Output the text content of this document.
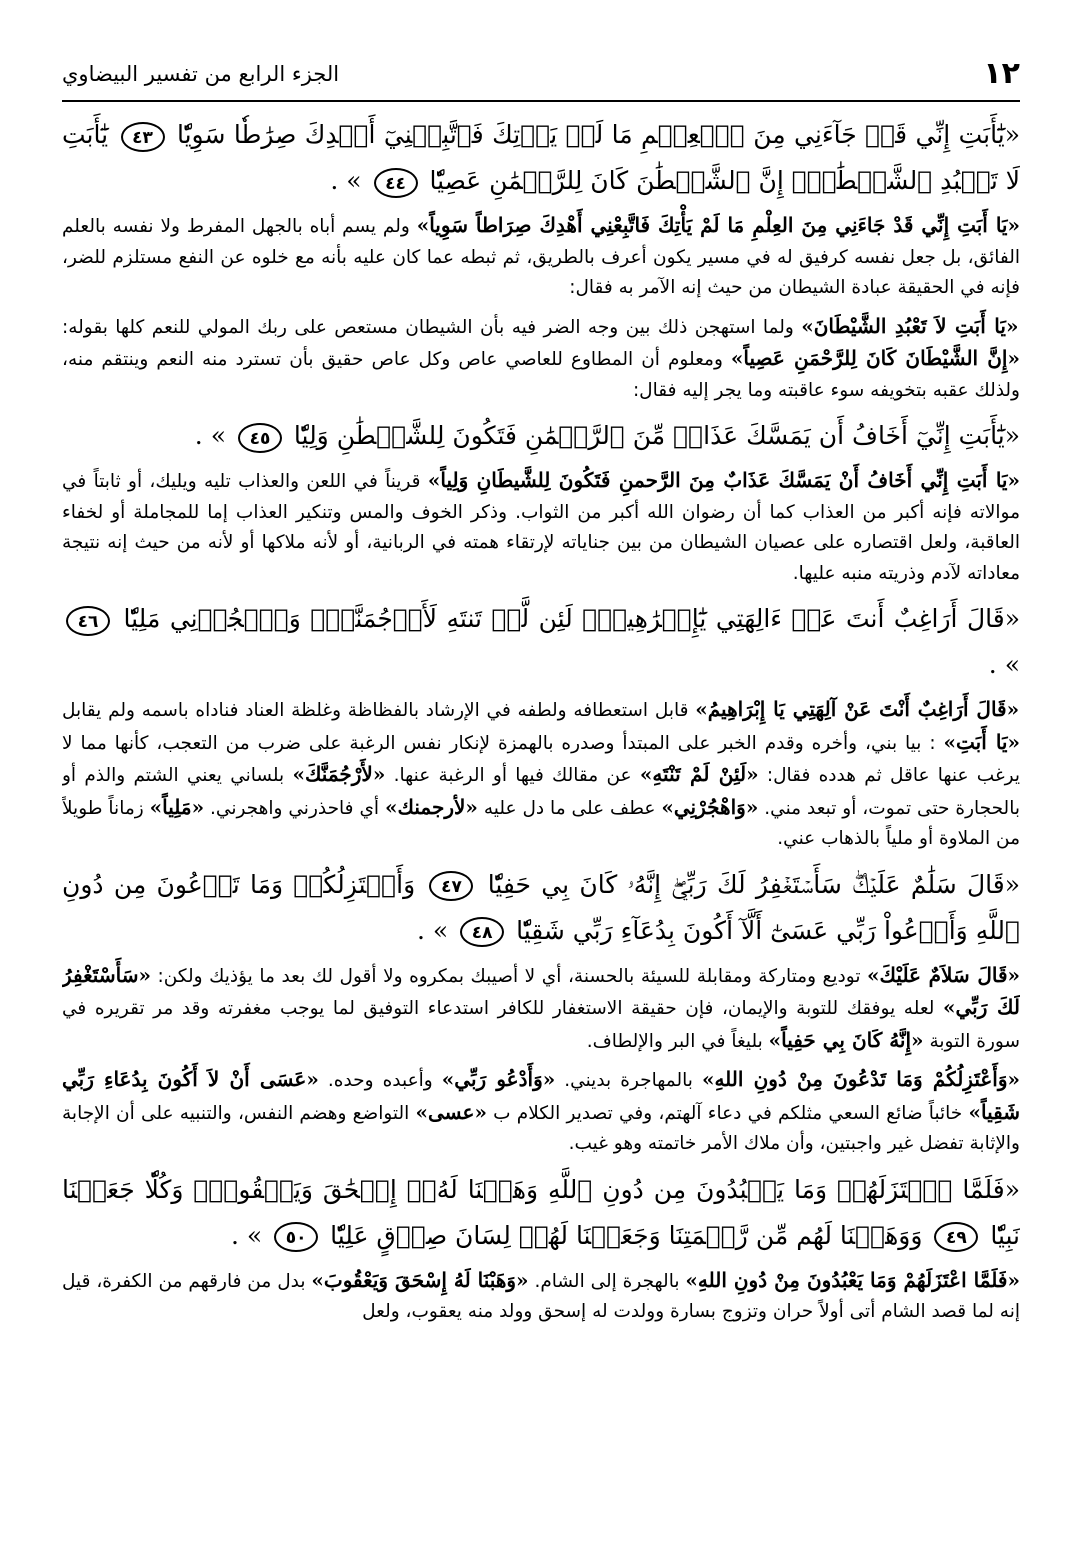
١٢
الجزء الرابع من تفسير البيضاوي

«يَٰٓأَبَتِ إِنِّي قَدۡ جَآءَنِي مِنَ ٱلۡعِلۡمِ مَا لَمۡ يَأۡتِكَ فَٱتَّبِعۡنِيٓ أَهۡدِكَ صِرَٰطٗا سَوِيّٗا ٤٣ يَٰٓأَبَتِ لَا تَعۡبُدِ ٱلشَّيۡطَٰنَۖ إِنَّ ٱلشَّيۡطَٰنَ كَانَ لِلرَّحۡمَٰنِ عَصِيّٗا ٤٤ » .

«يَا أَبَتِ إِنِّي قَدْ جَاءَنِي مِنَ العِلْمِ مَا لَمْ يَأْتِكَ فَاتَّبِعْنِي أَهْدِكَ صِرَاطاً سَوِياً» ولم يسم أباه بالجهل المفرط ولا نفسه بالعلم الفائق، بل جعل نفسه كرفيق له في مسير يكون أعرف بالطريق، ثم ثبطه عما كان عليه بأنه مع خلوه عن النفع مستلزم للضر، فإنه في الحقيقة عبادة الشيطان من حيث إنه الآمر به فقال:

«يَا أَبَتِ لاَ تَعْبُدِ الشَّيْطَانَ» ولما استهجن ذلك بين وجه الضر فيه بأن الشيطان مستعص على ربك المولي للنعم كلها بقوله: «إِنَّ الشَّيْطَانَ كَانَ لِلرَّحْمَنِ عَصِياً» ومعلوم أن المطاوع للعاصي عاص وكل عاص حقيق بأن تسترد منه النعم وينتقم منه، ولذلك عقبه بتخويفه سوء عاقبته وما يجر إليه فقال:

«يَٰٓأَبَتِ إِنِّيٓ أَخَافُ أَن يَمَسَّكَ عَذَابٞ مِّنَ ٱلرَّحۡمَٰنِ فَتَكُونَ لِلشَّيۡطَٰنِ وَلِيّٗا ٤٥ » .

«يَا أَبَتِ إِنِّي أَخَافُ أَنْ يَمَسَّكَ عَذَابٌ مِنَ الرَّحمنِ فَتَكُونَ لِلشَّيطَانِ وَلِياً» قريناً في اللعن والعذاب تليه ويليك، أو ثابتاً في موالاته فإنه أكبر من العذاب كما أن رضوان الله أكبر من الثواب. وذكر الخوف والمس وتنكير العذاب إما للمجاملة أو لخفاء العاقبة، ولعل اقتصاره على عصيان الشيطان من بين جناياته لإرتقاء همته في الربانية، أو لأنه ملاكها أو لأنه من حيث إنه نتيجة معاداته لآدم وذريته منبه عليها.

«قَالَ أَرَاغِبٌ أَنتَ عَنۡ ءَالِهَتِي يَٰٓإِبۡرَٰهِيمُۖ لَئِن لَّمۡ تَنتَهِ لَأَرۡجُمَنَّكَۖ وَٱهۡجُرۡنِي مَلِيّٗا ٤٦ » .

«قَالَ أَرَاغِبٌ أَنْتَ عَنْ آلِهَتِي يَا إِبْرَاهِيمُ» قابل استعطافه ولطفه في الإرشاد بالفظاظة وغلظة العناد فناداه باسمه ولم يقابل «يَا أَبَتِ» : بيا بني، وأخره وقدم الخبر على المبتدأ وصدره بالهمزة لإنكار نفس الرغبة على ضرب من التعجب، كأنها مما لا يرغب عنها عاقل ثم هدده فقال: «لَئِنْ لَمْ تَنْتَهِ» عن مقالك فيها أو الرغبة عنها. «لأَرْجُمَنَّكَ» بلساني يعني الشتم والذم أو بالحجارة حتى تموت، أو تبعد مني. «وَاهْجُرْنِي» عطف على ما دل عليه «لأرجمنك» أي فاحذرني واهجرني. «مَلِياً» زماناً طويلاً من الملاوة أو ملياً بالذهاب عني.

«قَالَ سَلَٰمٌ عَلَيۡكَۖ سَأَسۡتَغۡفِرُ لَكَ رَبِّيٓۖ إِنَّهُۥ كَانَ بِي حَفِيّٗا ٤٧ وَأَعۡتَزِلُكُمۡ وَمَا تَدۡعُونَ مِن دُونِ ٱللَّهِ وَأَدۡعُواْ رَبِّي عَسَىٰٓ أَلَّآ أَكُونَ بِدُعَآءِ رَبِّي شَقِيّٗا ٤٨ » .

«قَالَ سَلاَمٌ عَلَيْكَ» توديع ومتاركة ومقابلة للسيئة بالحسنة، أي لا أصيبك بمكروه ولا أقول لك بعد ما يؤذيك ولكن: «سَأَسْتَغْفِرُ لَكَ رَبِّي» لعله يوفقك للتوبة والإيمان، فإن حقيقة الاستغفار للكافر استدعاء التوفيق لما يوجب مغفرته وقد مر تقريره في سورة التوبة «إِنَّهُ كَانَ بِي حَفِياً» بليغاً في البر والإلطاف.

«وَأَعْتَزِلُكُمْ وَمَا تَدْعُونَ مِنْ دُونِ اللهِ» بالمهاجرة بديني. «وَأَدْعُو رَبِّي» وأعبده وحده. «عَسَى أَنْ لاَ أَكُونَ بِدُعَاءِ رَبِّي شَقِياً» خائباً ضائع السعي مثلكم في دعاء آلهتم، وفي تصدير الكلام ب «عسى» التواضع وهضم النفس، والتنبيه على أن الإجابة والإثابة تفضل غير واجبتين، وأن ملاك الأمر خاتمته وهو غيب.

«فَلَمَّا ٱعۡتَزَلَهُمۡ وَمَا يَعۡبُدُونَ مِن دُونِ ٱللَّهِ وَهَبۡنَا لَهُۥٓ إِسۡحَٰقَ وَيَعۡقُوبَۖ وَكُلّٗا جَعَلۡنَا نَبِيّٗا ٤٩ وَوَهَبۡنَا لَهُم مِّن رَّحۡمَتِنَا وَجَعَلۡنَا لَهُمۡ لِسَانَ صِدۡقٍ عَلِيّٗا ٥٠ » .

«فَلَمَّا اعْتَزَلَهُمْ وَمَا يَعْبُدُونَ مِنْ دُونِ اللهِ» بالهجرة إلى الشام. «وَهَبْنَا لَهُ إِسْحَقَ وَيَعْقُوبَ» بدل من فارقهم من الكفرة، قيل إنه لما قصد الشام أتى أولاً حران وتزوج بسارة وولدت له إسحق وولد منه يعقوب، ولعل
